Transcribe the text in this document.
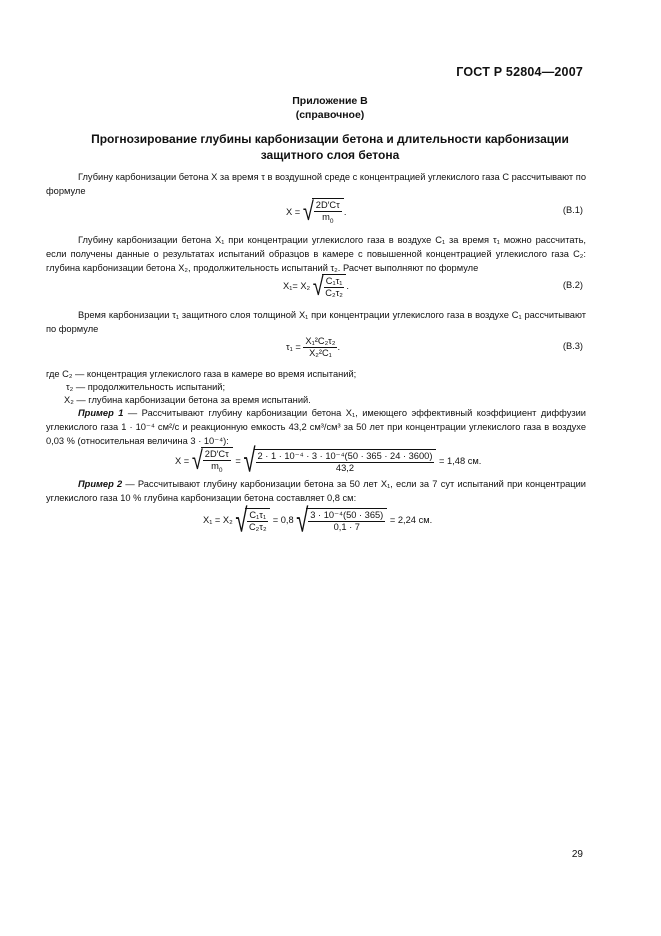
ГОСТ Р 52804—2007
Приложение В
(справочное)
Прогнозирование глубины карбонизации бетона и длительности карбонизации
защитного слоя бетона
Глубину карбонизации бетона X за время τ в воздушной среде с концентрацией углекислого газа C рассчитывают по формуле
X = √ $\frac{2D'C\tau}{m_0}$ .	(В.1)
Глубину карбонизации бетона X₁ при концентрации углекислого газа в воздухе C₁ за время τ₁ можно рассчитать, если получены данные о результатах испытаний образцов в камере с повышенной концентрацией углекислого газа C₂: глубина карбонизации бетона X₂, продолжительность испытаний τ₂. Расчет выполняют по формуле
X₁= X₂ √ $\frac{\text{C₁τ₁}}{\text{C₂τ₂}}$ .	(В.2)
Время карбонизации τ₁ защитного слоя толщиной X₁ при концентрации углекислого газа в воздухе C₁ рассчитывают по формуле
$\tau_1 = \frac{\text{X₁²C₂τ₂}}{\text{X₂²C₁}}$ .	(В.3)
где C₂ — концентрация углекислого газа в камере во время испытаний;
τ₂ — продолжительность испытаний;
X₂ — глубина карбонизации бетона за время испытаний.
Пример 1 — Рассчитывают глубину карбонизации бетона X₁, имеющего эффективный коэффициент диффузии углекислого газа 1 · 10⁻⁴ см²/с и реакционную емкость 43,2 см³/см³ за 50 лет при концентрации углекислого газа в воздухе 0,03 % (относительная величина 3 · 10⁻⁴):
X = √ $\frac{2D'C\tau}{m_0}$ = √ $\frac{\text{2 · 1 · 10⁻⁴ · 3 · 10⁻⁴(50 · 365 · 24 · 3600)}}{43,2} = 1,48$ см.
Пример 2 — Рассчитывают глубину карбонизации бетона за 50 лет X₁, если за 7 сут испытаний при концентрации углекислого газа 10 % глубина карбонизации бетона составляет 0,8 см:
X₁ = X₂ √ $\frac{\text{C₁τ₁}}{\text{C₂τ₂}} = 0,8$ √ $\frac{\text{3 · 10⁻⁴(50 · 365)}}{0,1 \cdot 7} = 2,24$ см.
29
